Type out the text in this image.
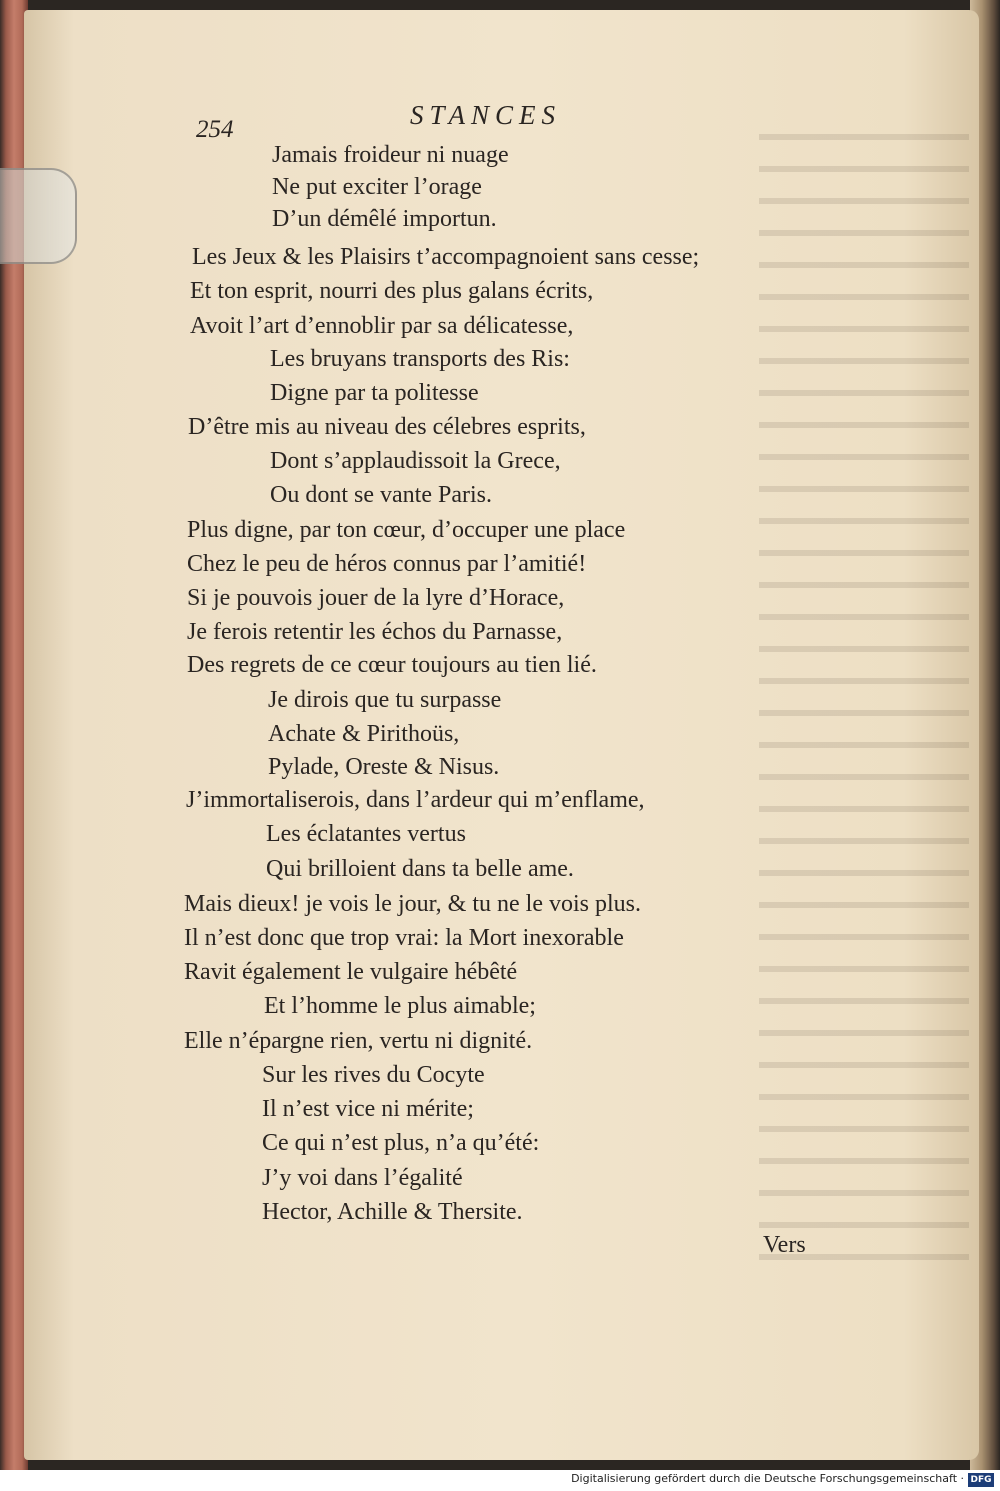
254	STANCES
Jamais froideur ni nuage
Ne put exciter l’orage
D’un démêlé importun.
Les Jeux & les Plaisirs t’accompagnoient sans cesse;
Et ton esprit, nourri des plus galans écrits,
Avoit l’art d’ennoblir par sa délicatesse,
Les bruyans transports des Ris:
Digne par ta politesse
D’être mis au niveau des célebres esprits,
Dont s’applaudissoit la Grece,
Ou dont se vante Paris.
Plus digne, par ton cœur, d’occuper une place
Chez le peu de héros connus par l’amitié!
Si je pouvois jouer de la lyre d’Horace,
Je ferois retentir les échos du Parnasse,
Des regrets de ce cœur toujours au tien lié.
Je dirois que tu surpasse
Achate & Pirithoüs,
Pylade, Oreste & Nisus.
J’immortaliserois, dans l’ardeur qui m’enflame,
Les éclatantes vertus
Qui brilloient dans ta belle ame.
Mais dieux! je vois le jour, & tu ne le vois plus.
Il n’est donc que trop vrai: la Mort inexorable
Ravit également le vulgaire hébêté
Et l’homme le plus aimable;
Elle n’épargne rien, vertu ni dignité.
Sur les rives du Cocyte
Il n’est vice ni mérite;
Ce qui n’est plus, n’a qu’été:
J’y voi dans l’égalité
Hector, Achille & Thersite.
Vers
Digitalisierung gefördert durch die Deutsche Forschungsgemeinschaft · DFG
